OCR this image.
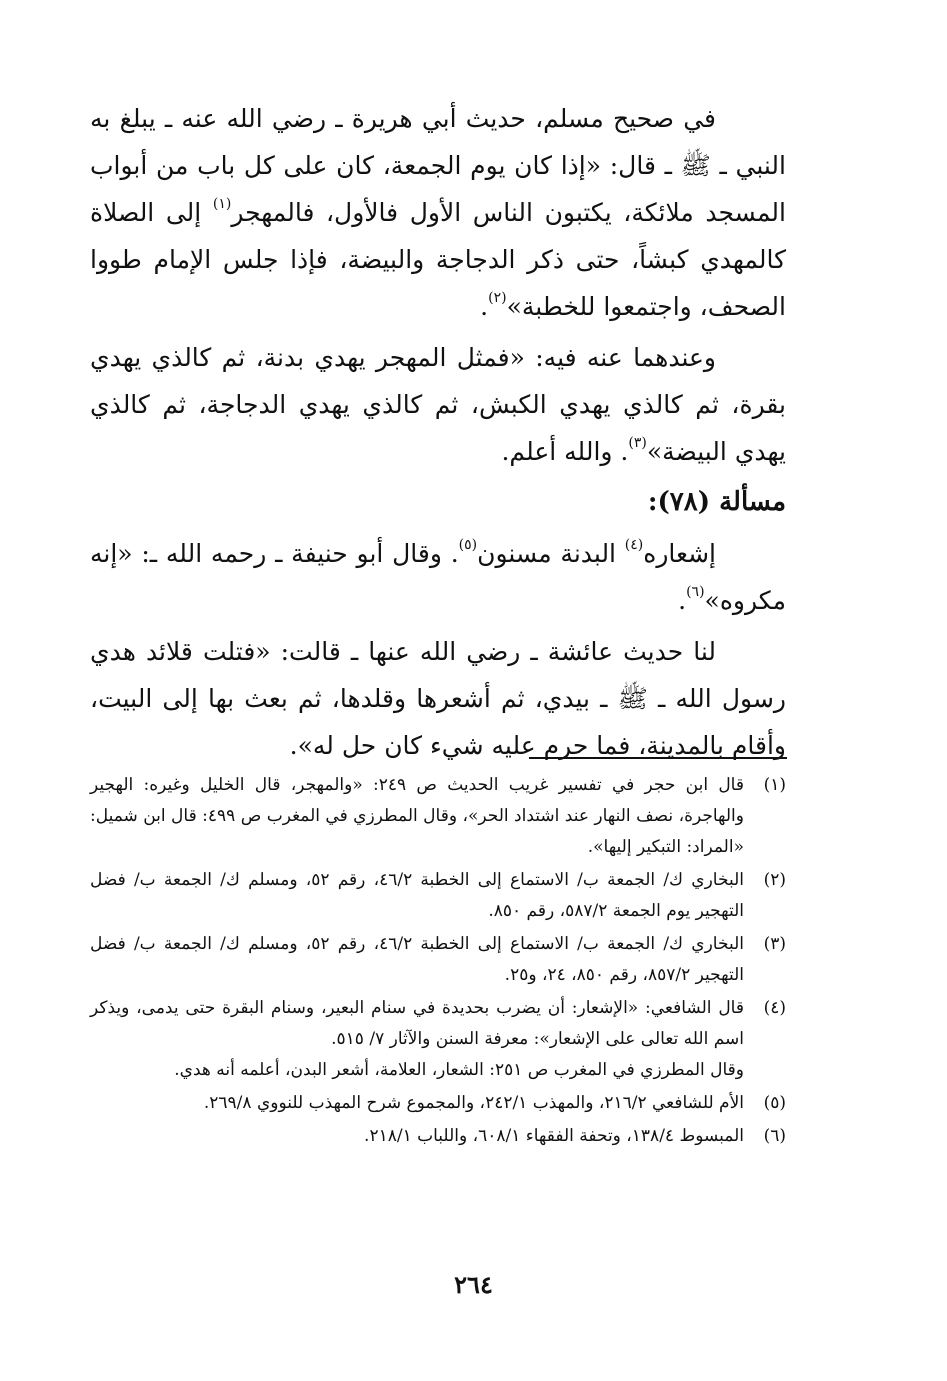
في صحيح مسلم، حديث أبي هريرة ـ رضي الله عنه ـ يبلغ به النبي ـ ﷺ ـ قال: «إذا كان يوم الجمعة، كان على كل باب من أبواب المسجد ملائكة، يكتبون الناس الأول فالأول، فالمهجر$^{(١)}$ إلى الصلاة كالمهدي كبشاً، حتى ذكر الدجاجة والبيضة، فإذا جلس الإمام طووا الصحف، واجتمعوا للخطبة»$^{(٢)}$.

وعندهما عنه فيه: «فمثل المهجر يهدي بدنة، ثم كالذي يهدي بقرة، ثم كالذي يهدي الكبش، ثم كالذي يهدي الدجاجة، ثم كالذي يهدي البيضة»$^{(٣)}$. والله أعلم.

مسألة (٧٨):

إشعاره$^{(٤)}$ البدنة مسنون$^{(٥)}$. وقال أبو حنيفة ـ رحمه الله ـ: «إنه مكروه»$^{(٦)}$.

لنا حديث عائشة ـ رضي الله عنها ـ قالت: «فتلت قلائد هدي رسول الله ـ ﷺ ـ بيدي، ثم أشعرها وقلدها، ثم بعث بها إلى البيت، وأقام بالمدينة، فما حرم عليه شيء كان حل له».

(١)
قال ابن حجر في تفسير غريب الحديث ص ٢٤٩: «والمهجر، قال الخليل وغيره: الهجير والهاجرة، نصف النهار عند اشتداد الحر»، وقال المطرزي في المغرب ص ٤٩٩: قال ابن شميل: «المراد: التبكير إليها».
(٢)
البخاري ك/ الجمعة ب/ الاستماع إلى الخطبة ٤٦/٢، رقم ٥٢، ومسلم ك/ الجمعة ب/ فضل التهجير يوم الجمعة ٥٨٧/٢، رقم ٨٥٠.
(٣)
البخاري ك/ الجمعة ب/ الاستماع إلى الخطبة ٤٦/٢، رقم ٥٢، ومسلم ك/ الجمعة ب/ فضل التهجير ٨٥٧/٢، رقم ٨٥٠، ٢٤، و٢٥.
(٤)
قال الشافعي: «الإشعار: أن يضرب بحديدة في سنام البعير، وسنام البقرة حتى يدمى، ويذكر اسم الله تعالى على الإشعار»: معرفة السنن والآثار ٧/ ٥١٥.
وقال المطرزي في المغرب ص ٢٥١: الشعار، العلامة، أشعر البدن، أعلمه أنه هدي.
(٥)
الأم للشافعي ٢١٦/٢، والمهذب ٢٤٢/١، والمجموع شرح المهذب للنووي ٢٦٩/٨.
(٦)
المبسوط ١٣٨/٤، وتحفة الفقهاء ٦٠٨/١، واللباب ٢١٨/١.
٢٦٤
